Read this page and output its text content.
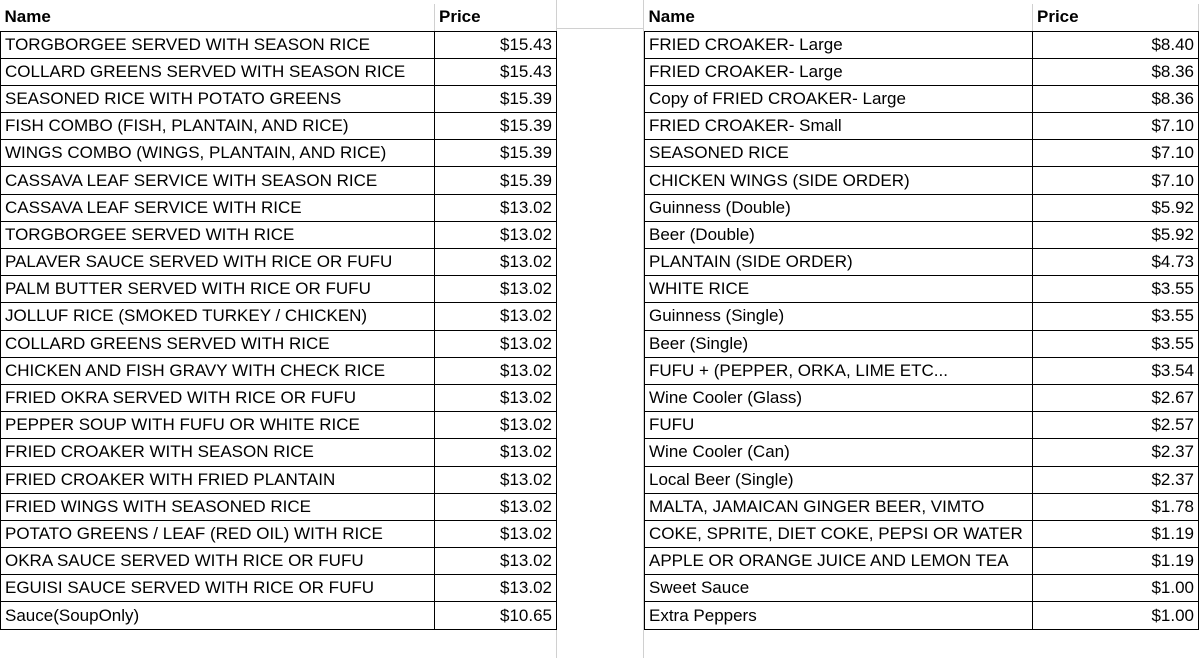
Name	Price
TORGBORGEE SERVED WITH SEASON RICE	$15.43
COLLARD GREENS SERVED WITH SEASON RICE	$15.43
SEASONED RICE WITH POTATO GREENS	$15.39
FISH COMBO (FISH, PLANTAIN, AND RICE)	$15.39
WINGS COMBO (WINGS, PLANTAIN, AND RICE)	$15.39
CASSAVA LEAF SERVICE WITH SEASON RICE	$15.39
CASSAVA LEAF SERVICE WITH RICE	$13.02
TORGBORGEE SERVED WITH RICE	$13.02
PALAVER SAUCE SERVED WITH RICE OR FUFU	$13.02
PALM BUTTER SERVED WITH RICE OR FUFU	$13.02
JOLLUF RICE (SMOKED TURKEY / CHICKEN)	$13.02
COLLARD GREENS SERVED WITH RICE	$13.02
CHICKEN AND FISH GRAVY WITH CHECK RICE	$13.02
FRIED OKRA SERVED WITH RICE OR FUFU	$13.02
PEPPER SOUP WITH FUFU OR WHITE RICE	$13.02
FRIED CROAKER WITH SEASON RICE	$13.02
FRIED CROAKER WITH FRIED PLANTAIN	$13.02
FRIED WINGS WITH SEASONED RICE	$13.02
POTATO GREENS / LEAF (RED OIL) WITH RICE	$13.02
OKRA SAUCE SERVED WITH RICE OR FUFU	$13.02
EGUISI SAUCE SERVED WITH RICE OR FUFU	$13.02
Sauce(SoupOnly)	$10.65
Name	Price
FRIED CROAKER- Large	$8.40
FRIED CROAKER- Large	$8.36
Copy of FRIED CROAKER- Large	$8.36
FRIED CROAKER- Small	$7.10
SEASONED RICE	$7.10
CHICKEN WINGS (SIDE ORDER)	$7.10
Guinness (Double)	$5.92
Beer (Double)	$5.92
PLANTAIN (SIDE ORDER)	$4.73
WHITE RICE	$3.55
Guinness (Single)	$3.55
Beer (Single)	$3.55
FUFU + (PEPPER, ORKA, LIME ETC...	$3.54
Wine Cooler (Glass)	$2.67
FUFU	$2.57
Wine Cooler (Can)	$2.37
Local Beer (Single)	$2.37
MALTA, JAMAICAN GINGER BEER, VIMTO	$1.78
COKE, SPRITE, DIET COKE, PEPSI OR WATER	$1.19
APPLE OR ORANGE JUICE AND LEMON TEA	$1.19
Sweet Sauce	$1.00
Extra Peppers	$1.00
